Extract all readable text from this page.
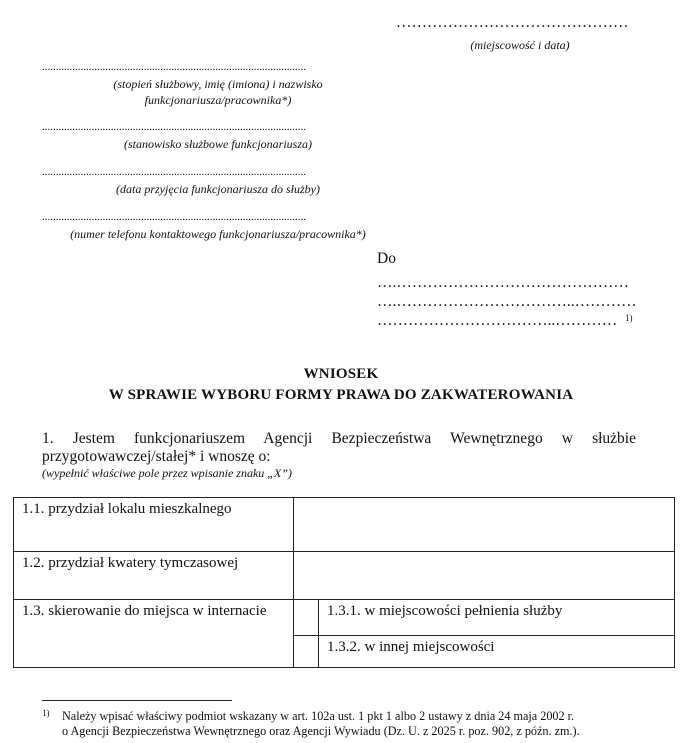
………………………………………
(miejscowość i data)
................................................................................................
(stopień służbowy, imię (imiona) i nazwisko
funkcjonariusza/pracownika*)
................................................................................................
(stanowisko służbowe funkcjonariusza)
................................................................................................
(data przyjęcia funkcjonariusza do służby)
................................................................................................
(numer telefonu kontaktowego funkcjonariusza/pracownika*)
Do
….………………………………………
….……………………………..…………
……………………………..………… 1)
WNIOSEK
W SPRAWIE WYBORU FORMY PRAWA DO ZAKWATEROWANIA
1. Jestem funkcjonariuszem Agencji Bezpieczeństwa Wewnętrznego w służbie
przygotowawczej/stałej* i wnoszę o:
(wypełnić właściwe pole przez wpisanie znaku „X”)
1.1. przydział lokalu mieszkalnego		
1.2. przydział kwatery tymczasowej		
1.3. skierowanie do miejsca w internacie		1.3.1. w miejscowości pełnienia służby
		1.3.2. w innej miejscowości
1) Należy wpisać właściwy podmiot wskazany w art. 102a ust. 1 pkt 1 albo 2 ustawy z dnia 24 maja 2002 r.
o Agencji Bezpieczeństwa Wewnętrznego oraz Agencji Wywiadu (Dz. U. z 2025 r. poz. 902, z późn. zm.).
